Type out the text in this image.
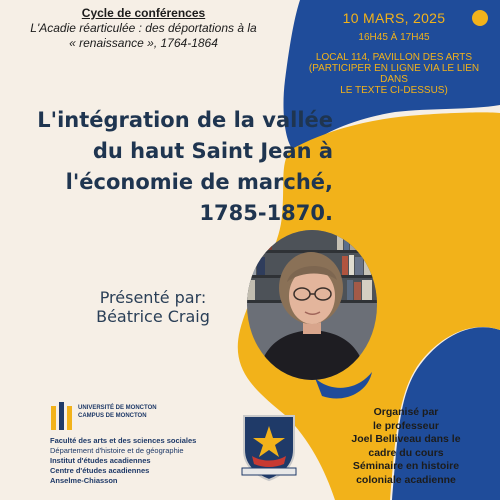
Cycle de conférences
L'Acadie réarticulée : des déportations à la
« renaissance », 1764-1864
10 MARS, 2025
16H45 À 17H45
LOCAL 114, PAVILLON DES ARTS
(PARTICIPER EN LIGNE VIA LE LIEN DANS
LE TEXTE CI-DESSUS)
L'intégration de la vallée
du haut Saint Jean à
l'économie de marché,
1785-1870.
Présenté par:
Béatrice Craig
UNIVERSITÉ DE MONCTON
CAMPUS DE MONCTON
Faculté des arts et des sciences sociales
Département d'histoire et de géographie
Institut d'études acadiennes
Centre d'études acadiennes
Anselme-Chiasson
Organisé par
le professeur
Joel Belliveau dans le
cadre du cours
Séminaire en histoire
coloniale acadienne
